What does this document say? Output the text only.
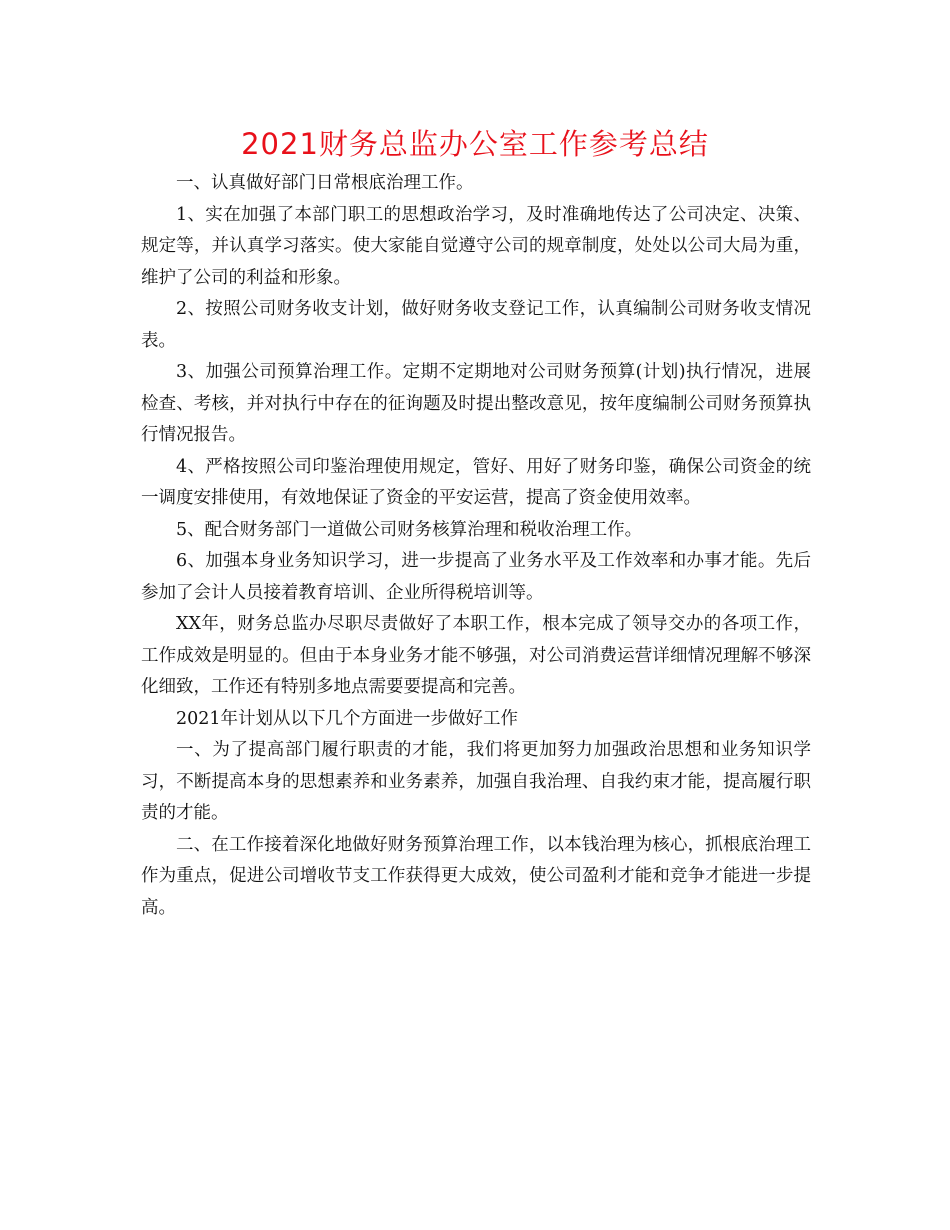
2021财务总监办公室工作参考总结

一、认真做好部门日常根底治理工作。

1、实在加强了本部门职工的思想政治学习，及时准确地传达了公司决定、决策、规定等，并认真学习落实。使大家能自觉遵守公司的规章制度，处处以公司大局为重，维护了公司的利益和形象。

2、按照公司财务收支计划，做好财务收支登记工作，认真编制公司财务收支情况表。

3、加强公司预算治理工作。定期不定期地对公司财务预算(计划)执行情况，进展检查、考核，并对执行中存在的征询题及时提出整改意见，按年度编制公司财务预算执行情况报告。

4、严格按照公司印鉴治理使用规定，管好、用好了财务印鉴，确保公司资金的统一调度安排使用，有效地保证了资金的平安运营，提高了资金使用效率。

5、配合财务部门一道做公司财务核算治理和税收治理工作。

6、加强本身业务知识学习，进一步提高了业务水平及工作效率和办事才能。先后参加了会计人员接着教育培训、企业所得税培训等。

XX年，财务总监办尽职尽责做好了本职工作，根本完成了领导交办的各项工作，工作成效是明显的。但由于本身业务才能不够强，对公司消费运营详细情况理解不够深化细致，工作还有特别多地点需要要提高和完善。

2021年计划从以下几个方面进一步做好工作

一、为了提高部门履行职责的才能，我们将更加努力加强政治思想和业务知识学习，不断提高本身的思想素养和业务素养，加强自我治理、自我约束才能，提高履行职责的才能。

二、在工作接着深化地做好财务预算治理工作，以本钱治理为核心，抓根底治理工作为重点，促进公司增收节支工作获得更大成效，使公司盈利才能和竞争才能进一步提高。
